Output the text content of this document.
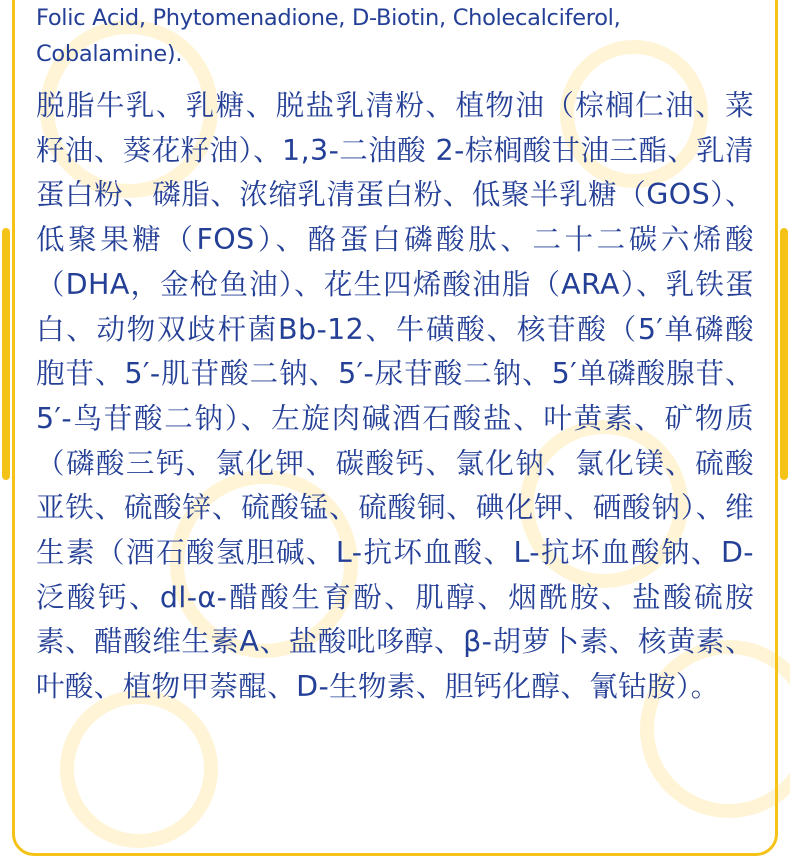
Folic Acid, Phytomenadione, D-Biotin, Cholecalciferol, Cobalamine).

脱脂牛乳、乳糖、脱盐乳清粉、植物油（棕榈仁油、菜籽油、葵花籽油）、1,3-二油酸 2-棕榈酸甘油三酯、乳清蛋白粉、磷脂、浓缩乳清蛋白粉、低聚半乳糖（GOS）、低聚果糖（FOS）、酪蛋白磷酸肽、二十二碳六烯酸（DHA，金枪鱼油）、花生四烯酸油脂（ARA）、乳铁蛋白、动物双歧杆菌Bb-12、牛磺酸、核苷酸（5′单磷酸胞苷、5′-肌苷酸二钠、5′-尿苷酸二钠、5′单磷酸腺苷、5′-鸟苷酸二钠）、左旋肉碱酒石酸盐、叶黄素、矿物质（磷酸三钙、氯化钾、碳酸钙、氯化钠、氯化镁、硫酸亚铁、硫酸锌、硫酸锰、硫酸铜、碘化钾、硒酸钠）、维生素（酒石酸氢胆碱、L-抗坏血酸、L-抗坏血酸钠、D-泛酸钙、dl-α-醋酸生育酚、肌醇、烟酰胺、盐酸硫胺素、醋酸维生素A、盐酸吡哆醇、β-胡萝卜素、核黄素、叶酸、植物甲萘醌、D-生物素、胆钙化醇、氰钴胺）。
